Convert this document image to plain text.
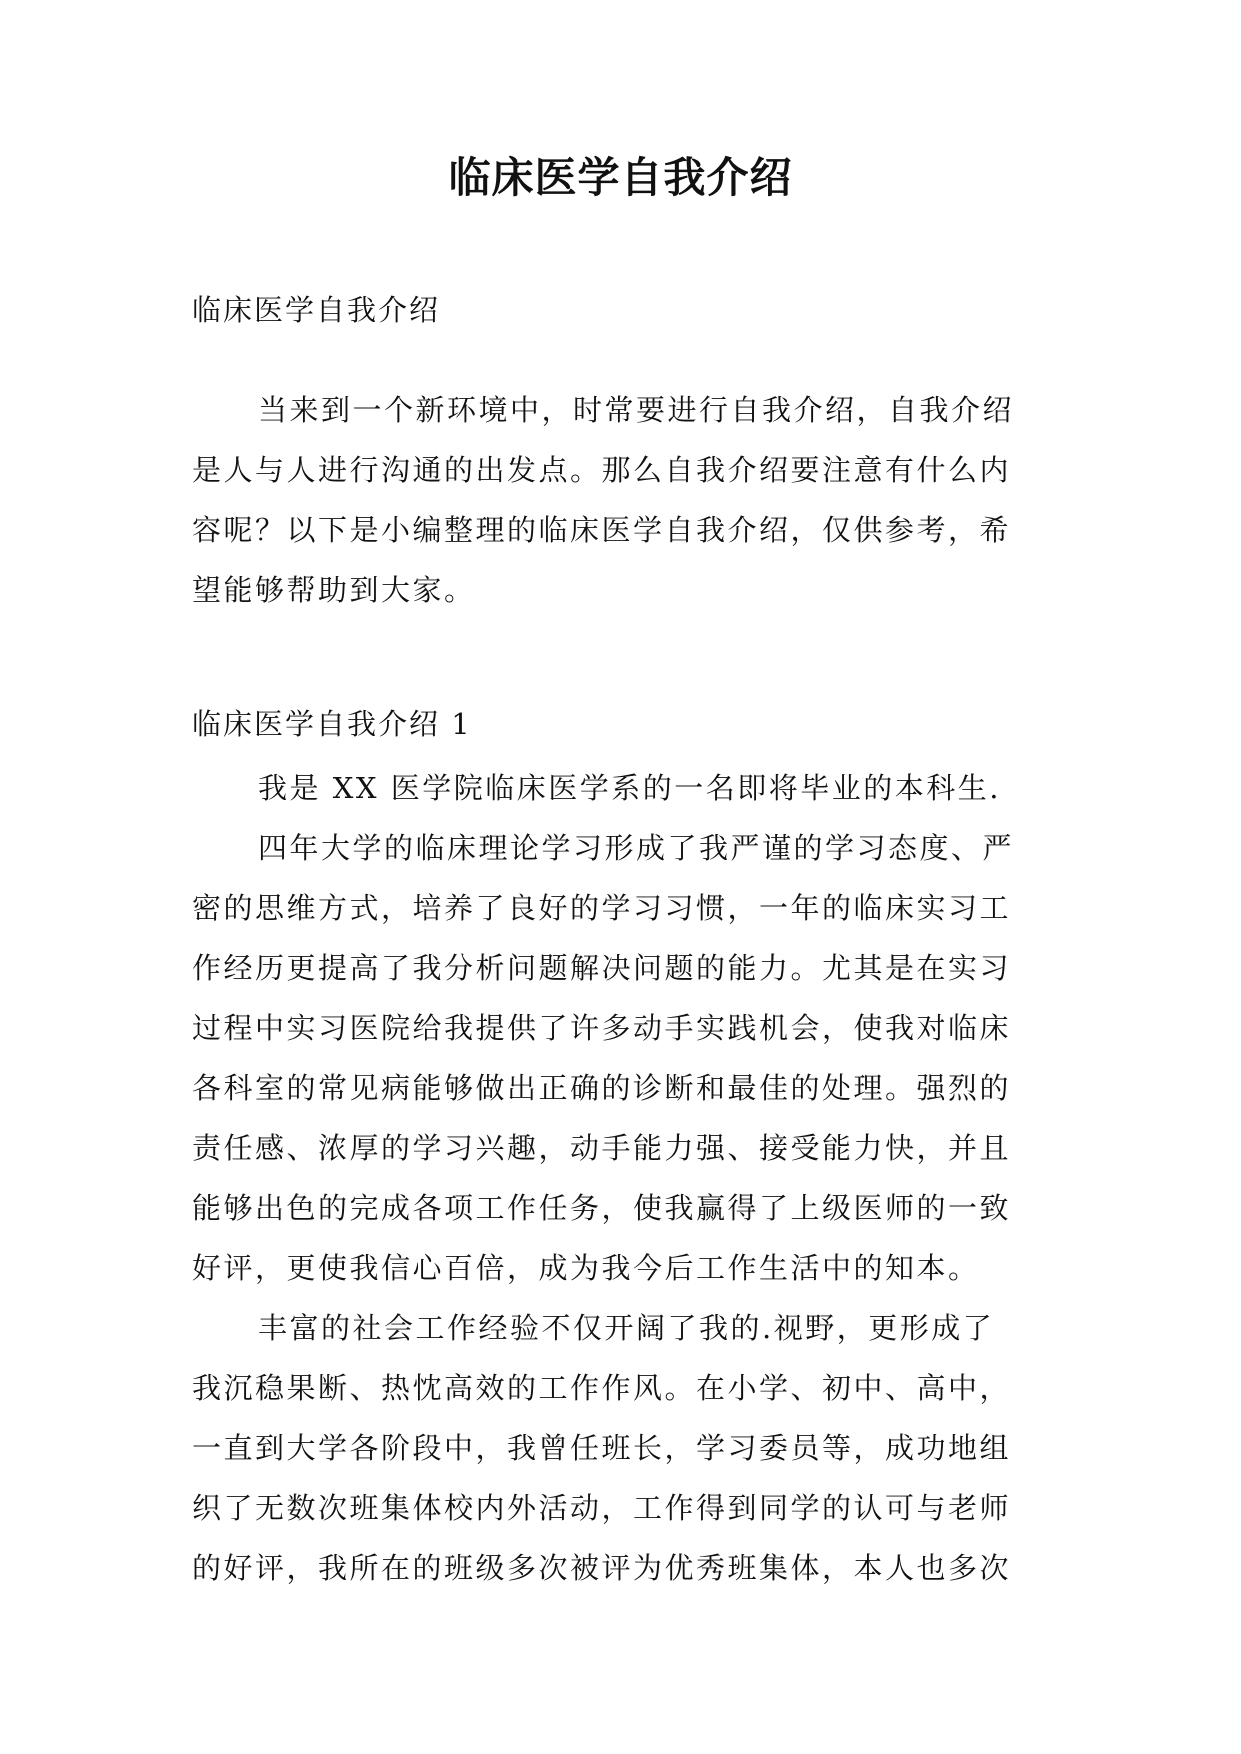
临床医学自我介绍
临床医学自我介绍
当来到一个新环境中，时常要进行自我介绍，自我介绍
是人与人进行沟通的出发点。那么自我介绍要注意有什么内
容呢？以下是小编整理的临床医学自我介绍，仅供参考，希
望能够帮助到大家。
临床医学自我介绍 1
我是 XX 医学院临床医学系的一名即将毕业的本科生.
四年大学的临床理论学习形成了我严谨的学习态度、严
密的思维方式，培养了良好的学习习惯，一年的临床实习工
作经历更提高了我分析问题解决问题的能力。尤其是在实习
过程中实习医院给我提供了许多动手实践机会，使我对临床
各科室的常见病能够做出正确的诊断和最佳的处理。强烈的
责任感、浓厚的学习兴趣，动手能力强、接受能力快，并且
能够出色的完成各项工作任务，使我赢得了上级医师的一致
好评，更使我信心百倍，成为我今后工作生活中的知本。
丰富的社会工作经验不仅开阔了我的.视野，更形成了
我沉稳果断、热忱高效的工作作风。在小学、初中、高中，
一直到大学各阶段中，我曾任班长，学习委员等，成功地组
织了无数次班集体校内外活动，工作得到同学的认可与老师
的好评，我所在的班级多次被评为优秀班集体，本人也多次
